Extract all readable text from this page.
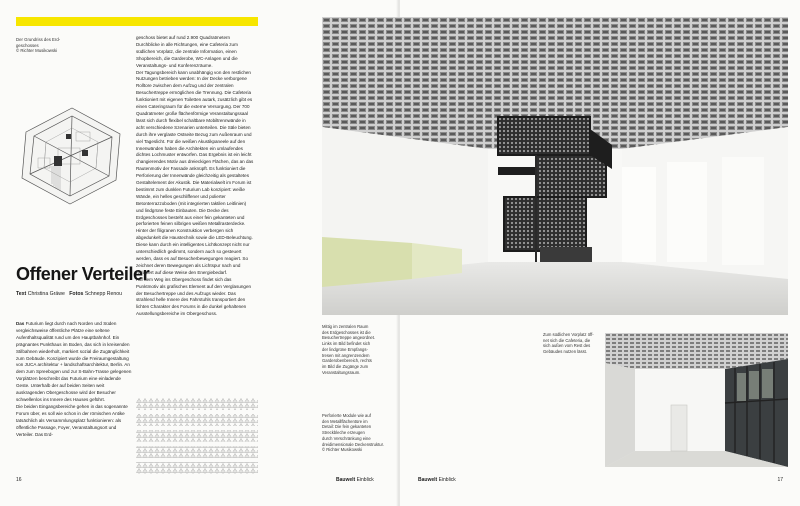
Der Grundriss des Erd-
geschosses
© Richter Musikowski
Offener Verteiler
Text Christina Gräwe Fotos Schnepp Renou

Das Futurium liegt durch nach Norden und Süden vergleichsweise öffentliche Plätze eine seltene Aufenthaltsqualität rund um den Hauptbahnhof. Ein prägnantes Punkthaus im Boden, das sich in kreisenden Stilbahnen wiederholt, markiert sozial die Zugänglichkeit zum Gebäude. Konzipiert wurde die Freiraumgestaltung von JUCA architektur + landschaftsarchitektur, Berlin. An dem zum Spreebogen und zur S-Bahn-Trasse gelegenen Vorplätzen beschreibt das Futurium eine einladende Geste. Unterhalb der auf beiden Seiten weit auskragenden Obergeschosse wird der Besucher schwellenlos ins Innere des Hauses geführt.

Die beiden Eingangsbereiche gehen in das sogenannte Forum über, es soll wie schon in der römischen Antike tatsächlich als Versammlungsplatz funktionieren: als öffentliche Passage, Foyer, Veranstaltungsort und Verteiler. Das Erd-

geschoss bietet auf rund 2.900 Quadratmetern Durchblicke in alle Richtungen, eine Cafeteria zum südlichen Vorplatz, die zentrale Information, einen Shopbereich, die Garderobe, WC-Anlagen und die Veranstaltungs- und Konferenzräume.

Der Tagungsbereich kann unabhängig von den restlichen Nutzungen betrieben werden: In der Decke verborgene Rolltore zwischen dem Aufzug und der zentralen Besuchertreppe ermöglichen die Trennung. Die Cafeteria funktioniert mit eigenen Toiletten autark, zusätzlich gibt es einen Cateringraum für die externe Versorgung. Der 700 Quadratmeter große flächenförmige Veranstaltungssaal lässt sich durch flexibel schaltbare Mobiltrennwände in acht verschiedene Szenarien unterteilen. Die Säle bieten durch ihre verglaste Ostseite Bezug zum Außenraum und viel Tageslicht. Für die weißen Akustikpaneele auf den Innenwänden haben die Architekten ein umlaufendes dichtes Lochmuster entworfen. Das Ergebnis ist ein leicht changierendes Motiv aus dreieckigen Flächen, das an das Rautenmotiv der Fassade anknüpft. Es funktioniert die Perforierung der Innenwände gleichzeitig als gestaltetes Gestaltelement der Akustik. Die Materialwelt im Forum ist bestimmt zum dunklen Futurium Lab konzipiert: weiße Wände, ein helles geschliffener und polierter Betonterrazzoboden (mit integrierten taktilen Leitlinien) und lindgrüne feste Einbauten. Die Decke des Erdgeschosses besteht aus einer fein gekanteten und perforierten feinen silbrigen weißen Metallrasterdecke. Hinter der filigranen Konstruktion verbergen sich abgedunkelt die Haustechnik sowie die LED-Beleuchtung. Diese kann durch ein intelligentes Lichtkonzept nicht nur unterschiedlich gedimmt, sondern auch so gesteuert werden, dass es auf Besucherbewegungen reagiert. So zeichnet deren Bewegungen als Lichtspur nach und reduziert auf diese Weise den Energiebedarf.

Auf dem Weg ins Obergeschoss findet sich das Punktmotiv als grafisches Element auf den Verglasungen der Besuchertreppe und des Aufzugs wieder. Das strahlend helle Innere des Fahrstuhls transportiert den lichten Charakter des Forums in die dunkel gehaltenen Ausstellungsbereiche im Obergeschoss.

16	Bauwelt Einblick
Mittig im zentralen Raum
des Erdgeschosses ist die
Besuchertreppe angeordnet.
Links im Bild befindet sich
der lindgrüne Empfangs-
tresen mit angrenzendem
Garderobenbereich, rechts
im Bild die Zugänge zum
Veranstaltungsraum.
Perforierte Module wie auf
den Metallflächentüre im
Detail: Die fein gekanteten
Streckbleche erzeugen
durch Verschränkung eine
dreidimensionale Deckenstruktur.
© Richter Musikowski
Zum südlichen Vorplatz öff-
net sich die Cafeteria, die
sich außen vom Rest des
Gebäudes nutzen lässt.
Bauwelt Einblick	17
